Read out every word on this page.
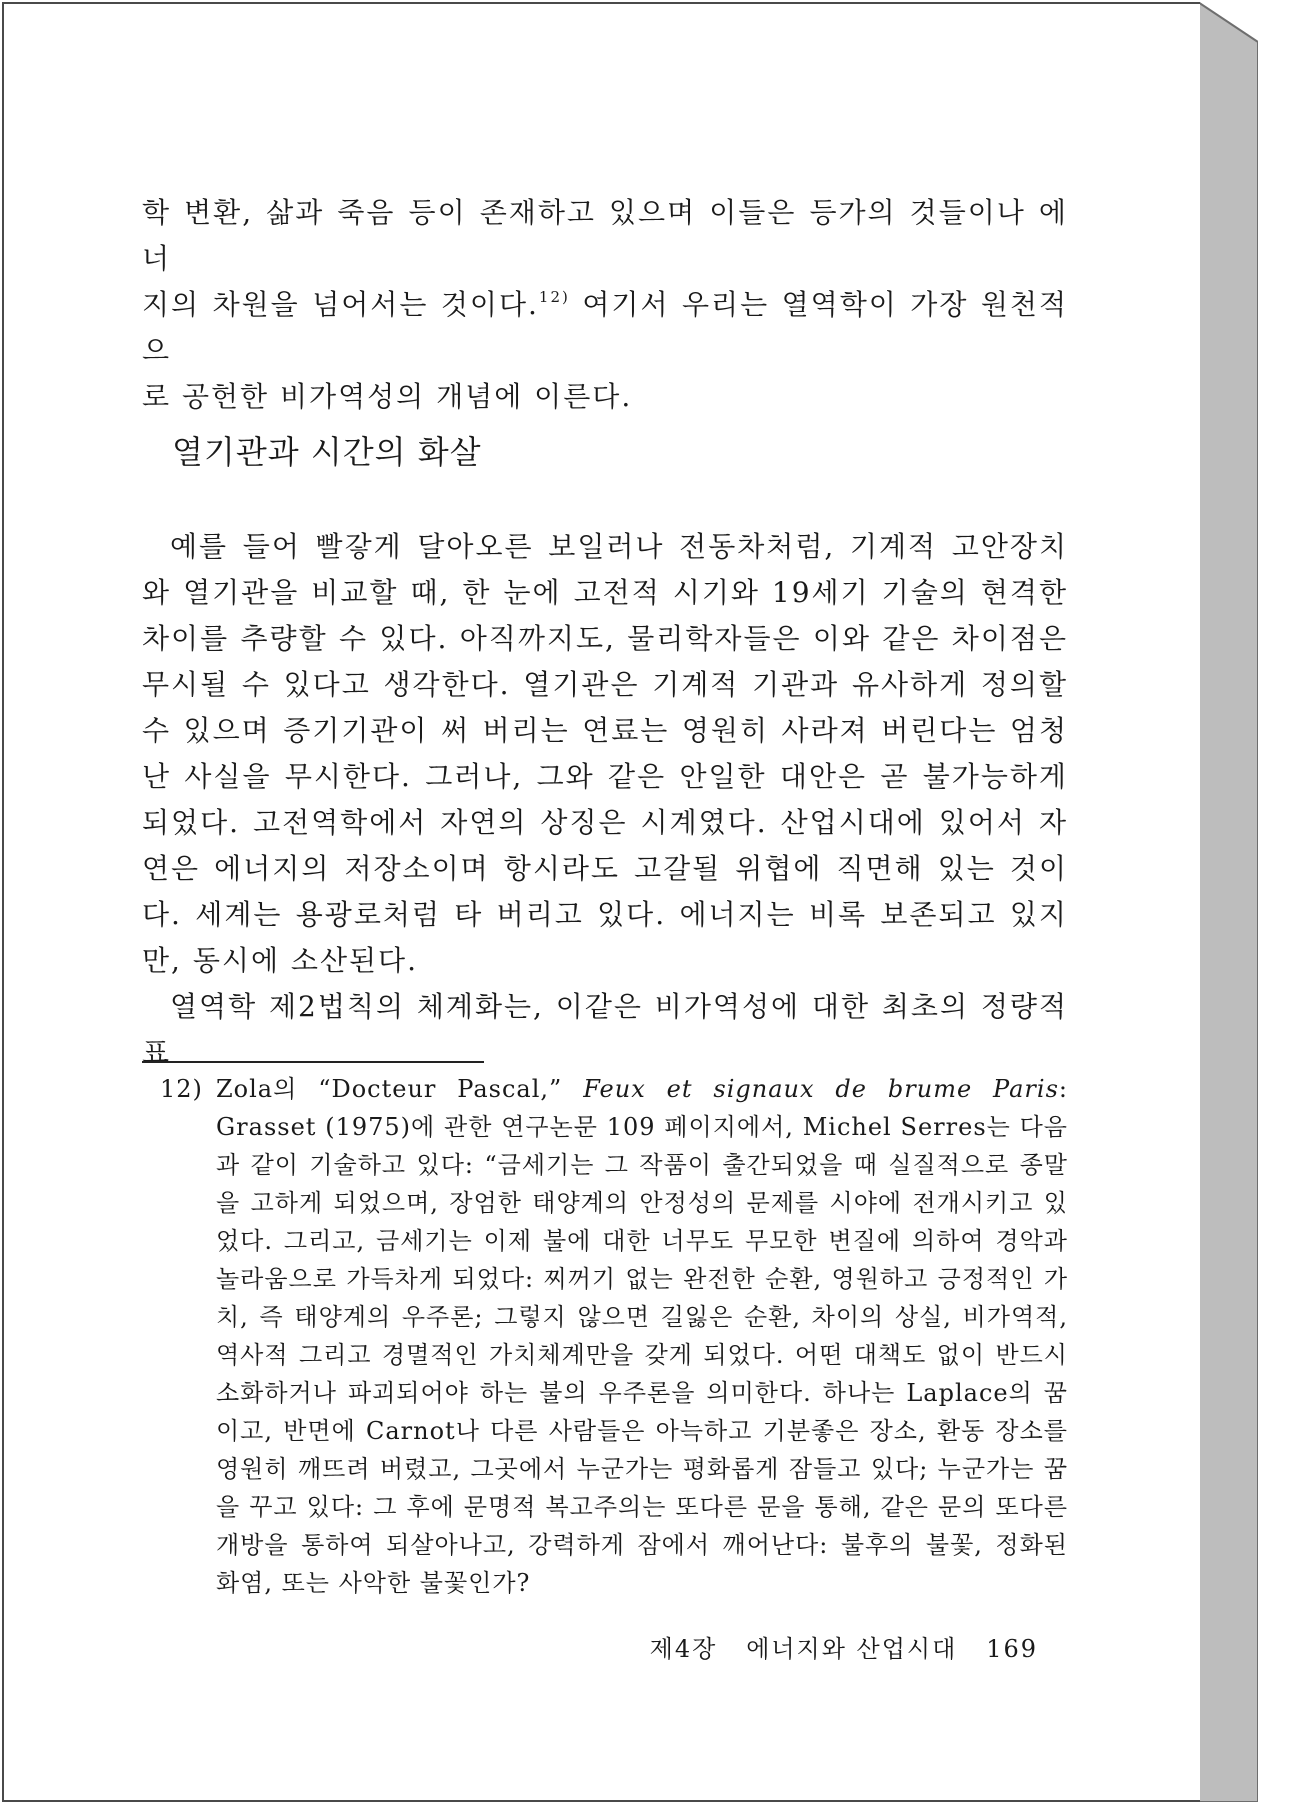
학 변환, 삶과 죽음 등이 존재하고 있으며 이들은 등가의 것들이나 에너

지의 차원을 넘어서는 것이다.$^{12)}$ 여기서 우리는 열역학이 가장 원천적으

로 공헌한 비가역성의 개념에 이른다.

열기관과 시간의 화살

예를 들어 빨갛게 달아오른 보일러나 전동차처럼, 기계적 고안장치와 열기관을 비교할 때, 한 눈에 고전적 시기와 19세기 기술의 현격한 차이를 추량할 수 있다. 아직까지도, 물리학자들은 이와 같은 차이점은 무시될 수 있다고 생각한다. 열기관은 기계적 기관과 유사하게 정의할 수 있으며 증기기관이 써 버리는 연료는 영원히 사라져 버린다는 엄청난 사실을 무시한다. 그러나, 그와 같은 안일한 대안은 곧 불가능하게 되었다. 고전역학에서 자연의 상징은 시계였다. 산업시대에 있어서 자연은 에너지의 저장소이며 항시라도 고갈될 위협에 직면해 있는 것이다. 세계는 용광로처럼 타 버리고 있다. 에너지는 비록 보존되고 있지만, 동시에 소산된다.

열역학 제2법칙의 체계화는, 이같은 비가역성에 대한 최초의 정량적 표

12) Zola의 “Docteur Pascal,” Feux et signaux de brume Paris: Grasset (1975)에 관한 연구논문 109 페이지에서, Michel Serres는 다음과 같이 기술하고 있다: “금세기는 그 작품이 출간되었을 때 실질적으로 종말을 고하게 되었으며, 장엄한 태양계의 안정성의 문제를 시야에 전개시키고 있었다. 그리고, 금세기는 이제 불에 대한 너무도 무모한 변질에 의하여 경악과 놀라움으로 가득차게 되었다: 찌꺼기 없는 완전한 순환, 영원하고 긍정적인 가치, 즉 태양계의 우주론; 그렇지 않으면 길잃은 순환, 차이의 상실, 비가역적, 역사적 그리고 경멸적인 가치체계만을 갖게 되었다. 어떤 대책도 없이 반드시 소화하거나 파괴되어야 하는 불의 우주론을 의미한다. 하나는 Laplace의 꿈이고, 반면에 Carnot나 다른 사람들은 아늑하고 기분좋은 장소, 환동 장소를 영원히 깨뜨려 버렸고, 그곳에서 누군가는 평화롭게 잠들고 있다; 누군가는 꿈을 꾸고 있다: 그 후에 문명적 복고주의는 또다른 문을 통해, 같은 문의 또다른 개방을 통하여 되살아나고, 강력하게 잠에서 깨어난다: 불후의 불꽃, 정화된 화염, 또는 사악한 불꽃인가?
제4장 에너지와 산업시대 169
